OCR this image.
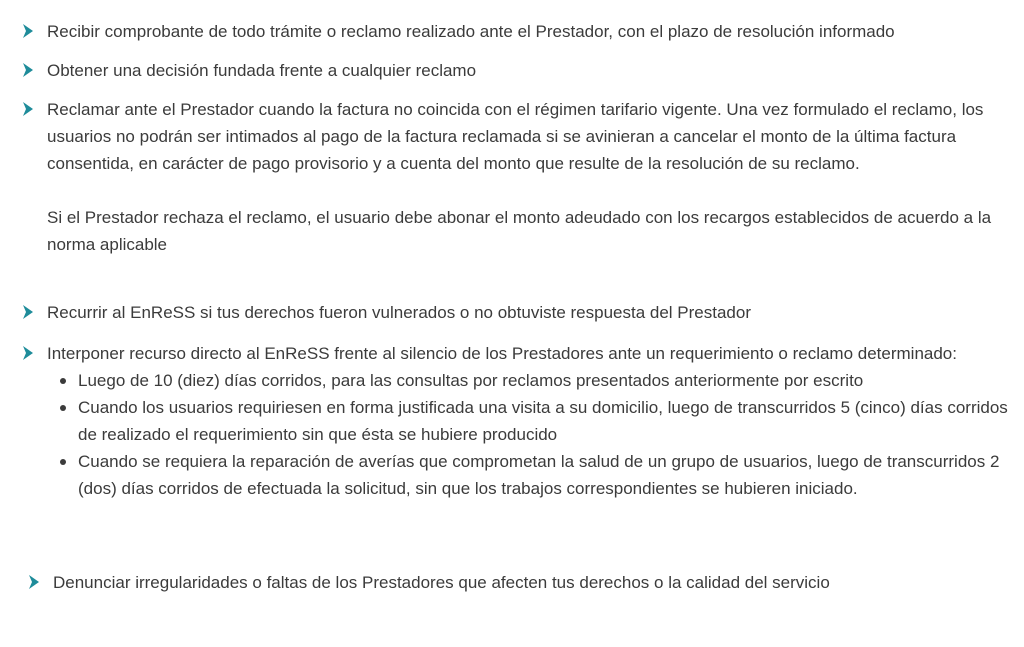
Recibir comprobante de todo trámite o reclamo realizado ante el Prestador, con el plazo de resolución informado

Obtener una decisión fundada frente a cualquier reclamo

Reclamar ante el Prestador cuando la factura no coincida con el régimen tarifario vigente. Una vez formulado el reclamo, los usuarios no podrán ser intimados al pago de la factura reclamada si se avinieran a cancelar el monto de la última factura consentida, en carácter de pago provisorio y a cuenta del monto que resulte de la resolución de su reclamo.

Si el Prestador rechaza el reclamo, el usuario debe abonar el monto adeudado con los recargos establecidos de acuerdo a la norma aplicable

Recurrir al EnReSS si tus derechos fueron vulnerados o no obtuviste respuesta del Prestador

Interponer recurso directo al EnReSS frente al silencio de los Prestadores ante un requerimiento o reclamo determinado:

Luego de 10 (diez) días corridos, para las consultas por reclamos presentados anteriormente por escrito
Cuando los usuarios requiriesen en forma justificada una visita a su domicilio, luego de transcurridos 5 (cinco) días corridos de realizado el requerimiento sin que ésta se hubiere producido
Cuando se requiera la reparación de averías que comprometan la salud de un grupo de usuarios, luego de transcurridos 2 (dos) días corridos de efectuada la solicitud, sin que los trabajos correspondientes se hubieren iniciado.

Denunciar irregularidades o faltas de los Prestadores que afecten tus derechos o la calidad del servicio
